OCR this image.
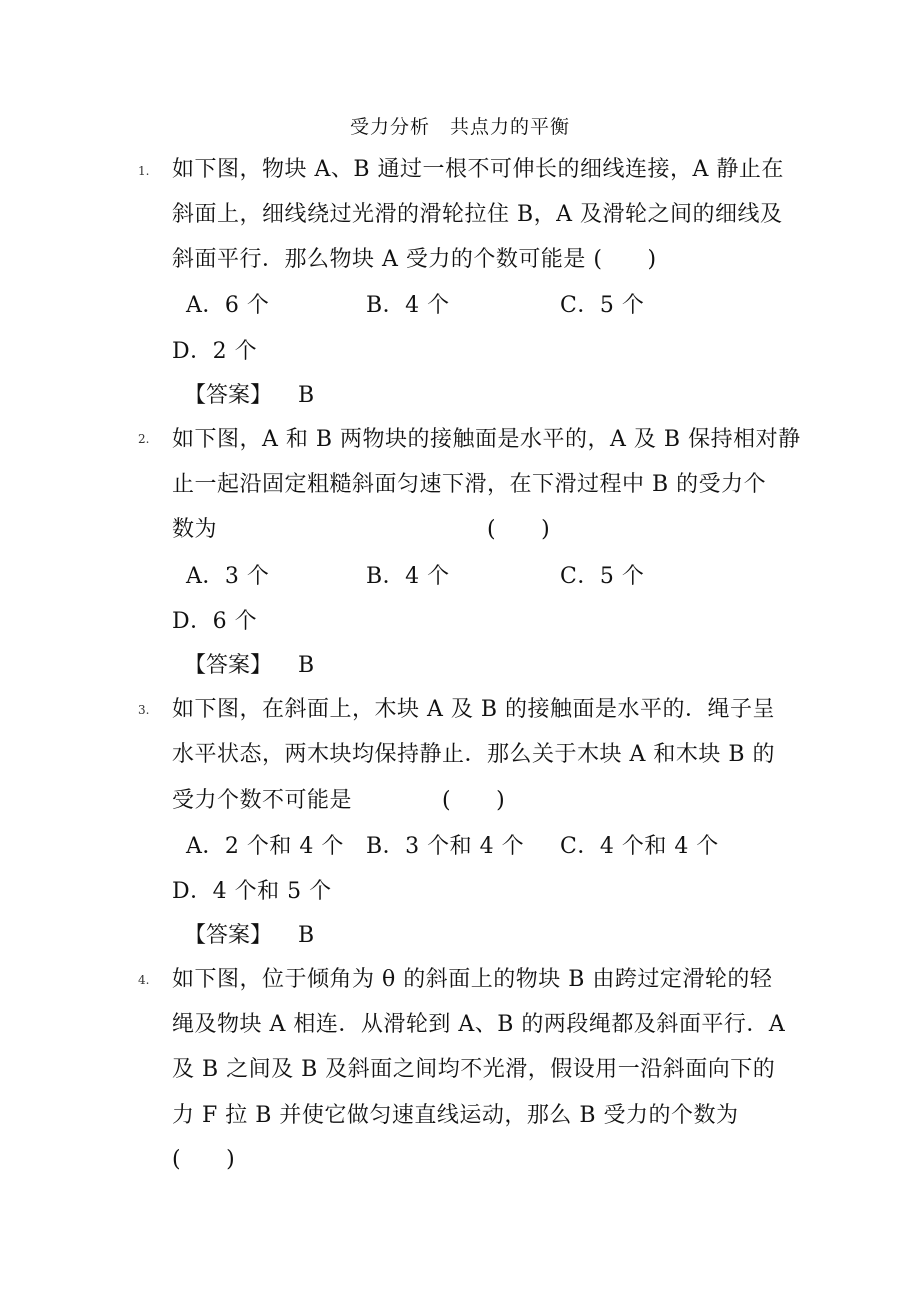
受力分析　共点力的平衡
1. 如下图，物块 A、B 通过一根不可伸长的细线连接，A 静止在
斜面上，细线绕过光滑的滑轮拉住 B，A 及滑轮之间的细线及
斜面平行．那么物块 A 受力的个数可能是 (　　)
A．6 个	B．4 个	C．5 个
D．2 个
【答案】 B
2. 如下图，A 和 B 两物块的接触面是水平的，A 及 B 保持相对静
止一起沿固定粗糙斜面匀速下滑，在下滑过程中 B 的受力个
数为　　　　　　　　　　　　(　　)
A．3 个	B．4 个	C．5 个
D．6 个
【答案】 B
3. 如下图，在斜面上，木块 A 及 B 的接触面是水平的．绳子呈
水平状态，两木块均保持静止．那么关于木块 A 和木块 B 的
受力个数不可能是　　　　(　　)
A．2 个和 4 个 B．3 个和 4 个 C．4 个和 4 个
D．4 个和 5 个
【答案】 B
4. 如下图，位于倾角为 θ 的斜面上的物块 B 由跨过定滑轮的轻
绳及物块 A 相连．从滑轮到 A、B 的两段绳都及斜面平行．A
及 B 之间及 B 及斜面之间均不光滑，假设用一沿斜面向下的
力 F 拉 B 并使它做匀速直线运动，那么 B 受力的个数为
(　　)
